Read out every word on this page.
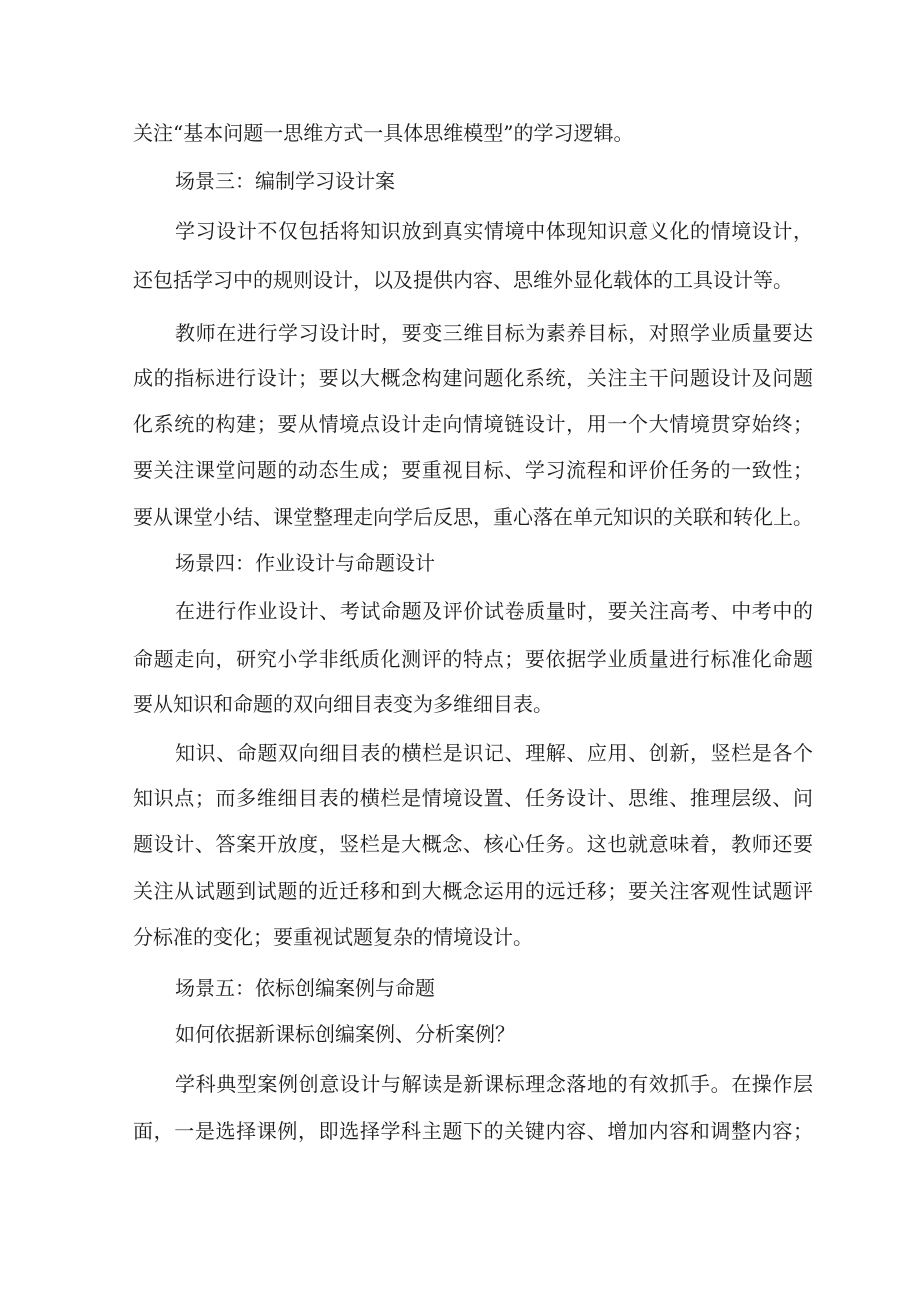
关注“基本问题一思维方式一具体思维模型”的学习逻辑。
场景三：编制学习设计案
学习设计不仅包括将知识放到真实情境中体现知识意义化的情境设计，
还包括学习中的规则设计，以及提供内容、思维外显化载体的工具设计等。
教师在进行学习设计时，要变三维目标为素养目标，对照学业质量要达
成的指标进行设计；要以大概念构建问题化系统，关注主干问题设计及问题
化系统的构建；要从情境点设计走向情境链设计，用一个大情境贯穿始终；
要关注课堂问题的动态生成；要重视目标、学习流程和评价任务的一致性；
要从课堂小结、课堂整理走向学后反思，重心落在单元知识的关联和转化上。
场景四：作业设计与命题设计
在进行作业设计、考试命题及评价试卷质量时，要关注高考、中考中的
命题走向，研究小学非纸质化测评的特点；要依据学业质量进行标准化命题
要从知识和命题的双向细目表变为多维细目表。
知识、命题双向细目表的横栏是识记、理解、应用、创新，竖栏是各个
知识点；而多维细目表的横栏是情境设置、任务设计、思维、推理层级、问
题设计、答案开放度，竖栏是大概念、核心任务。这也就意味着，教师还要
关注从试题到试题的近迁移和到大概念运用的远迁移；要关注客观性试题评
分标准的变化；要重视试题复杂的情境设计。
场景五：依标创编案例与命题
如何依据新课标创编案例、分析案例？
学科典型案例创意设计与解读是新课标理念落地的有效抓手。在操作层
面，一是选择课例，即选择学科主题下的关键内容、增加内容和调整内容；
